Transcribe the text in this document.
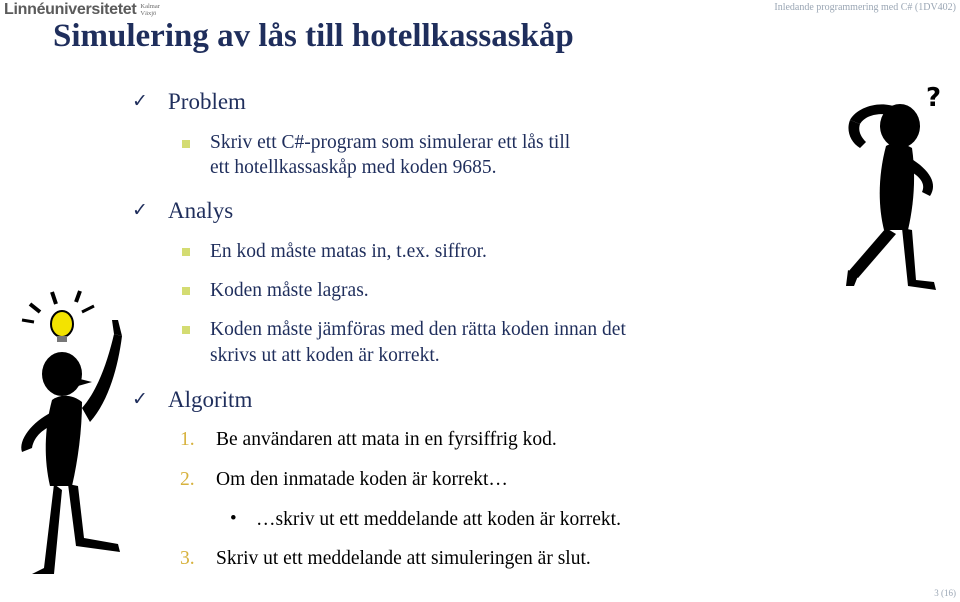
Linnéuniversitetet Kalmar
Växjö
Inledande programmering med C# (1DV402)
Simulering av lås till hotellkassaskåp
✓ Problem
Skriv ett C#-program som simulerar ett lås till
ett hotellkassaskåp med koden 9685.
✓ Analys
En kod måste matas in, t.ex. siffror.
Koden måste lagras.
Koden måste jämföras med den rätta koden innan det
skrivs ut att koden är korrekt.
✓ Algoritm
1. Be användaren att mata in en fyrsiffrig kod.
2. Om den inmatade koden är korrekt…
• …skriv ut ett meddelande att koden är korrekt.
3. Skriv ut ett meddelande att simuleringen är slut.
?
3 (16)
